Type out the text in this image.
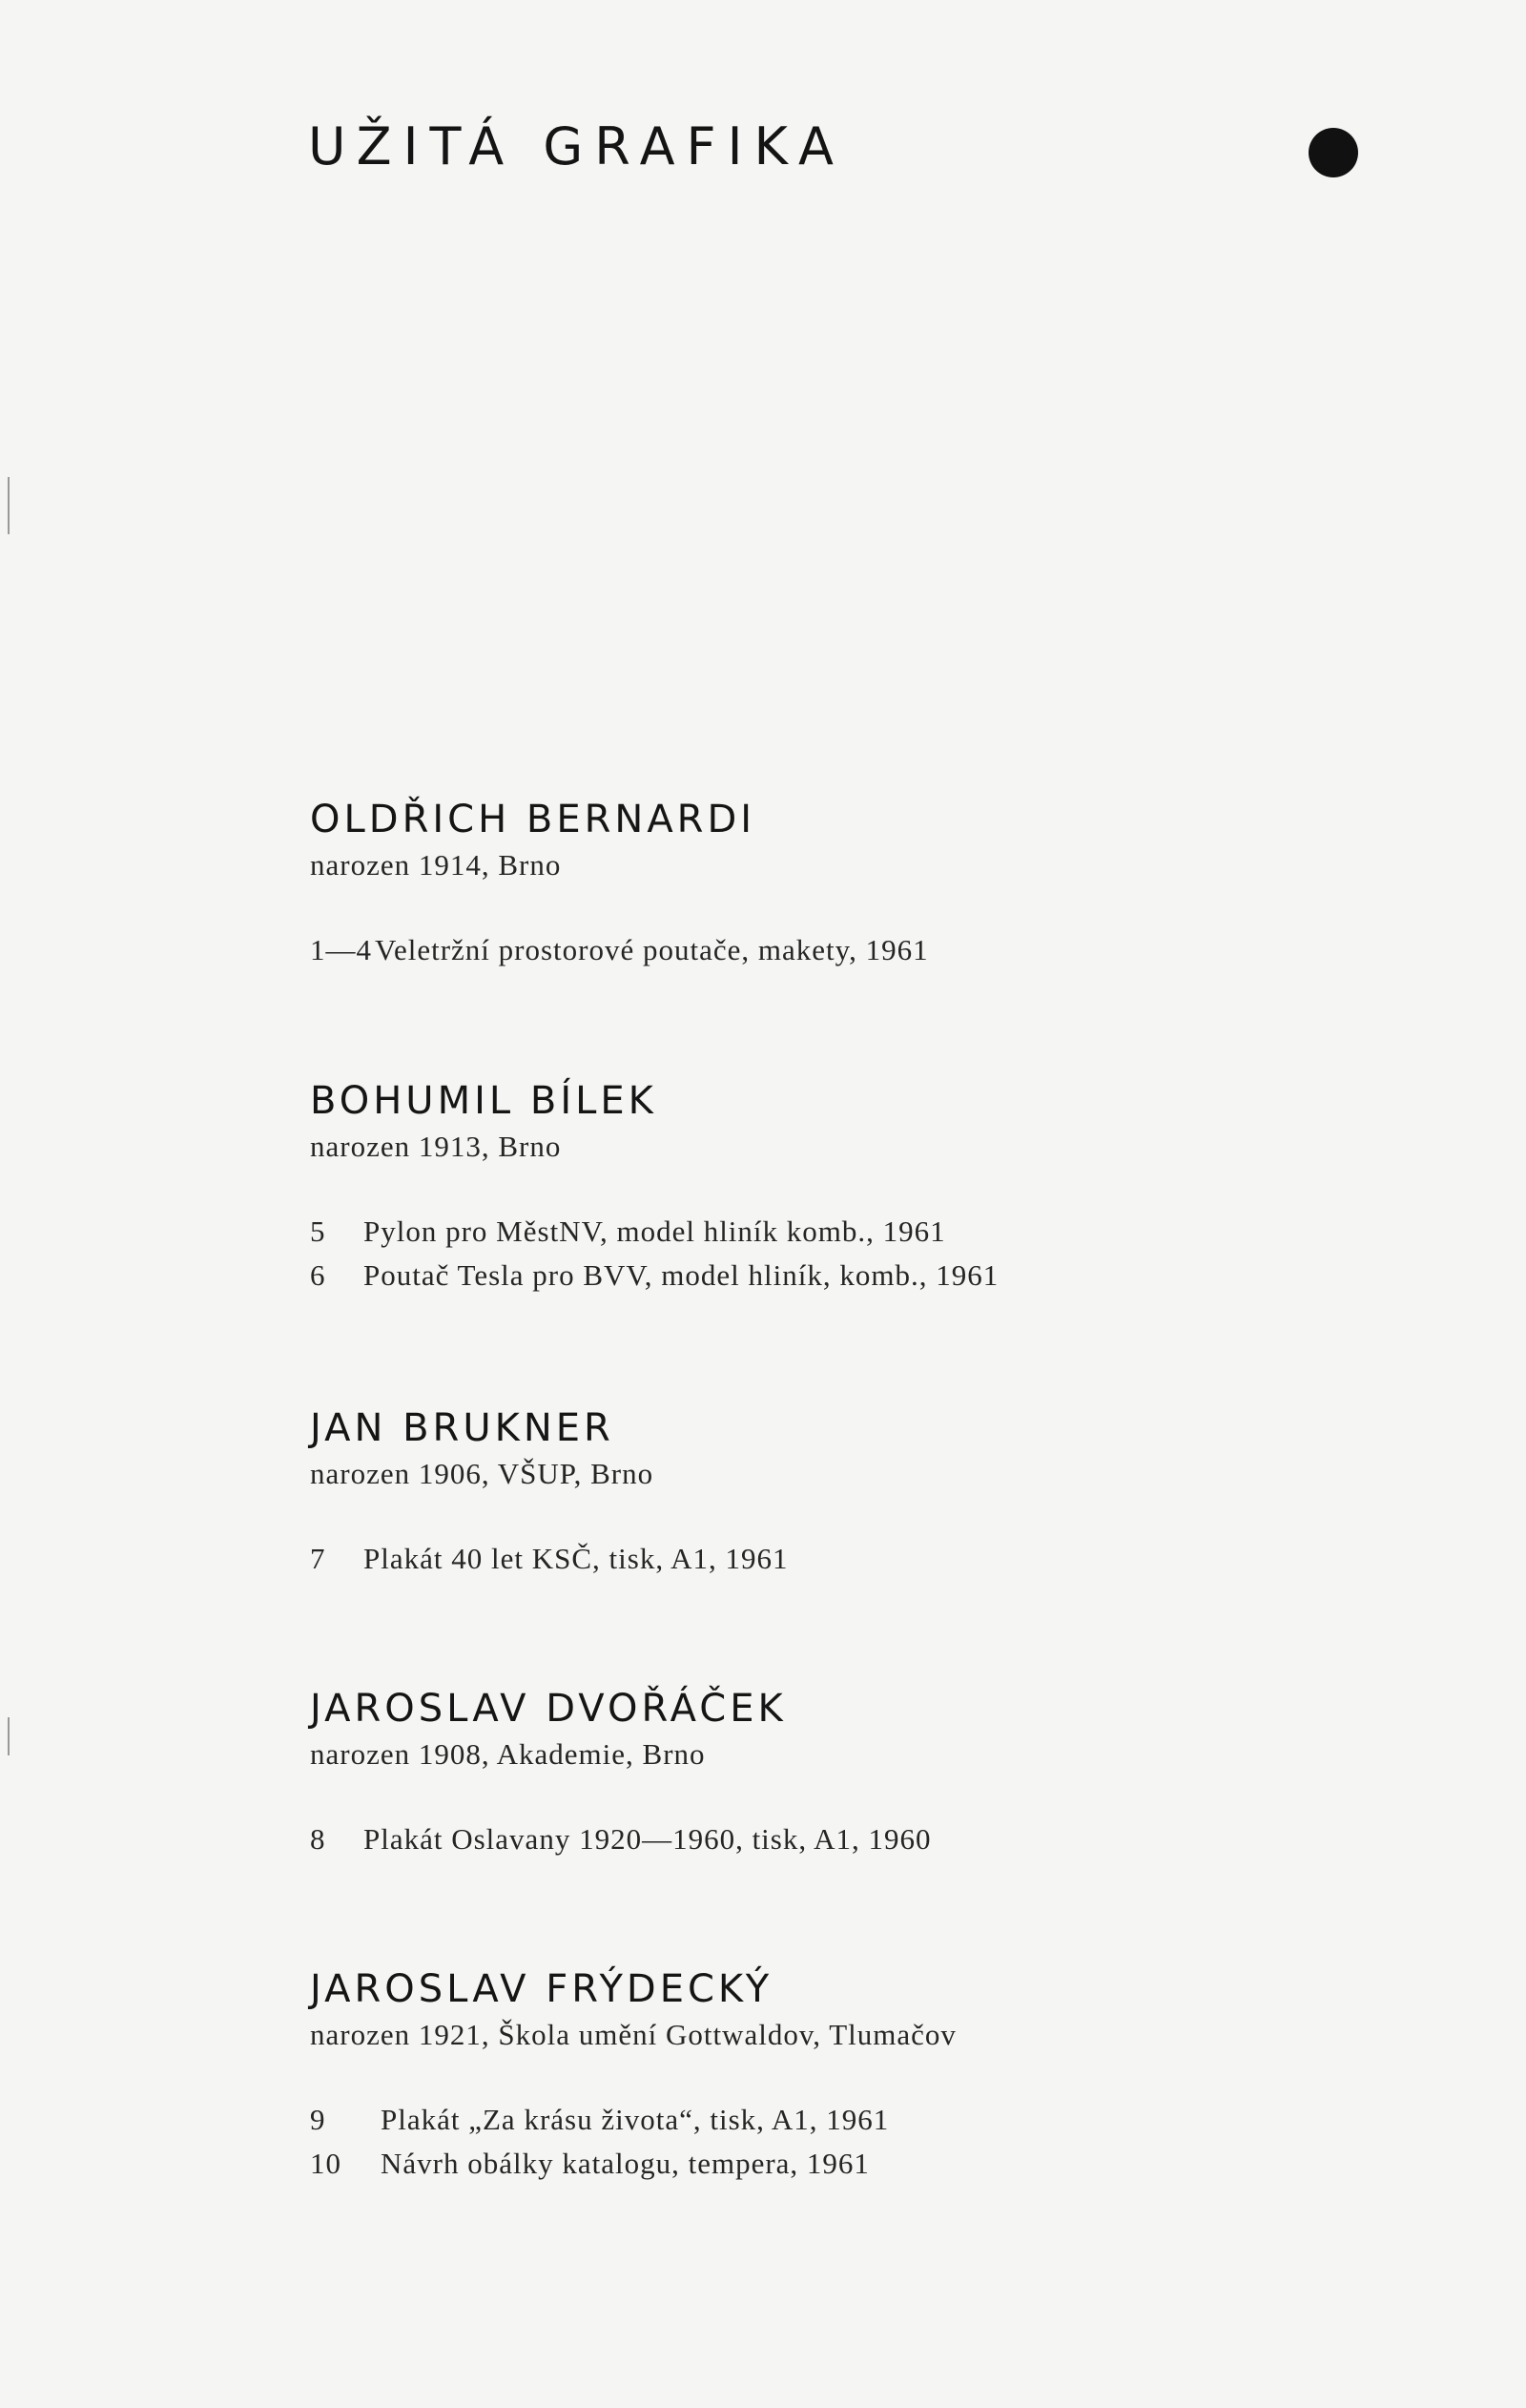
UŽITÁ GRAFIKA
OLDŘICH BERNARDI
narozen 1914, Brno
1—4 Veletržní prostorové poutače, makety, 1961
BOHUMIL BÍLEK
narozen 1913, Brno
5	Pylon pro MěstNV, model hliník komb., 1961
6	Poutač Tesla pro BVV, model hliník, komb., 1961
JAN BRUKNER
narozen 1906, VŠUP, Brno
7	Plakát 40 let KSČ, tisk, A1, 1961
JAROSLAV DVOŘÁČEK
narozen 1908, Akademie, Brno
8	Plakát Oslavany 1920—1960, tisk, A1, 1960
JAROSLAV FRÝDECKÝ
narozen 1921, Škola umění Gottwaldov, Tlumačov
9	Plakát „Za krásu života“, tisk, A1, 1961
10	Návrh obálky katalogu, tempera, 1961
